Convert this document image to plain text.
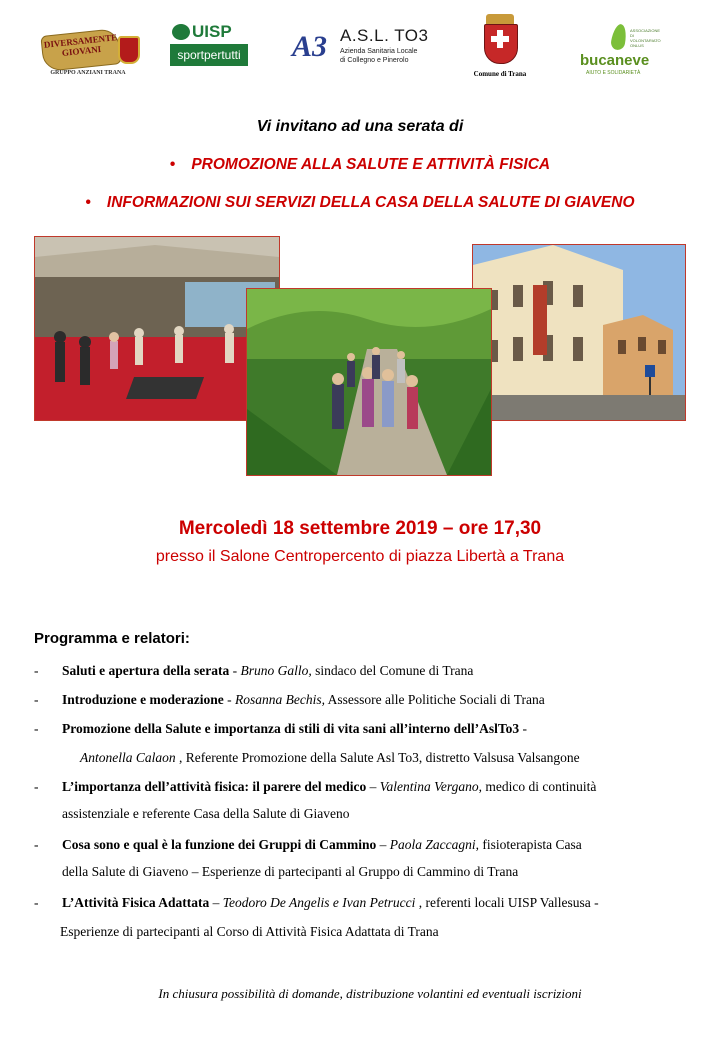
DIVERSAMENTE GIOVANI
GRUPPO ANZIANI TRANA
UISP
sportpertutti A3 A.S.L. TO3
Azienda Sanitaria Locale
di Collegno e Pinerolo
Comune di Trana
ASSOCIAZIONE DI VOLONTARIATO ONLUS
bucaneve
AIUTO E SOLIDARIETÀ
Vi invitano ad una serata di
• PROMOZIONE ALLA SALUTE E ATTIVITÀ FISICA
• INFORMAZIONI SUI SERVIZI DELLA CASA DELLA SALUTE DI GIAVENO
Mercoledì 18 settembre 2019 – ore 17,30
presso il Salone Centropercento di piazza Libertà a Trana
Programma e relatori:
- Saluti e apertura della serata - Bruno Gallo, sindaco del Comune di Trana
- Introduzione e moderazione - Rosanna Bechis, Assessore alle Politiche Sociali di Trana
- Promozione della Salute e importanza di stili di vita sani all’interno dell’AslTo3 -
Antonella Calaon , Referente Promozione della Salute Asl To3, distretto Valsusa Valsangone
- L’importanza dell’attività fisica: il parere del medico – Valentina Vergano, medico di continuità
assistenziale e referente Casa della Salute di Giaveno
- Cosa sono e qual è la funzione dei Gruppi di Cammino – Paola Zaccagni, fisioterapista Casa
della Salute di Giaveno – Esperienze di partecipanti al Gruppo di Cammino di Trana
- L’Attività Fisica Adattata – Teodoro De Angelis e Ivan Petrucci , referenti locali UISP Vallesusa -
Esperienze di partecipanti al Corso di Attività Fisica Adattata di Trana
In chiusura possibilità di domande, distribuzione volantini ed eventuali iscrizioni
